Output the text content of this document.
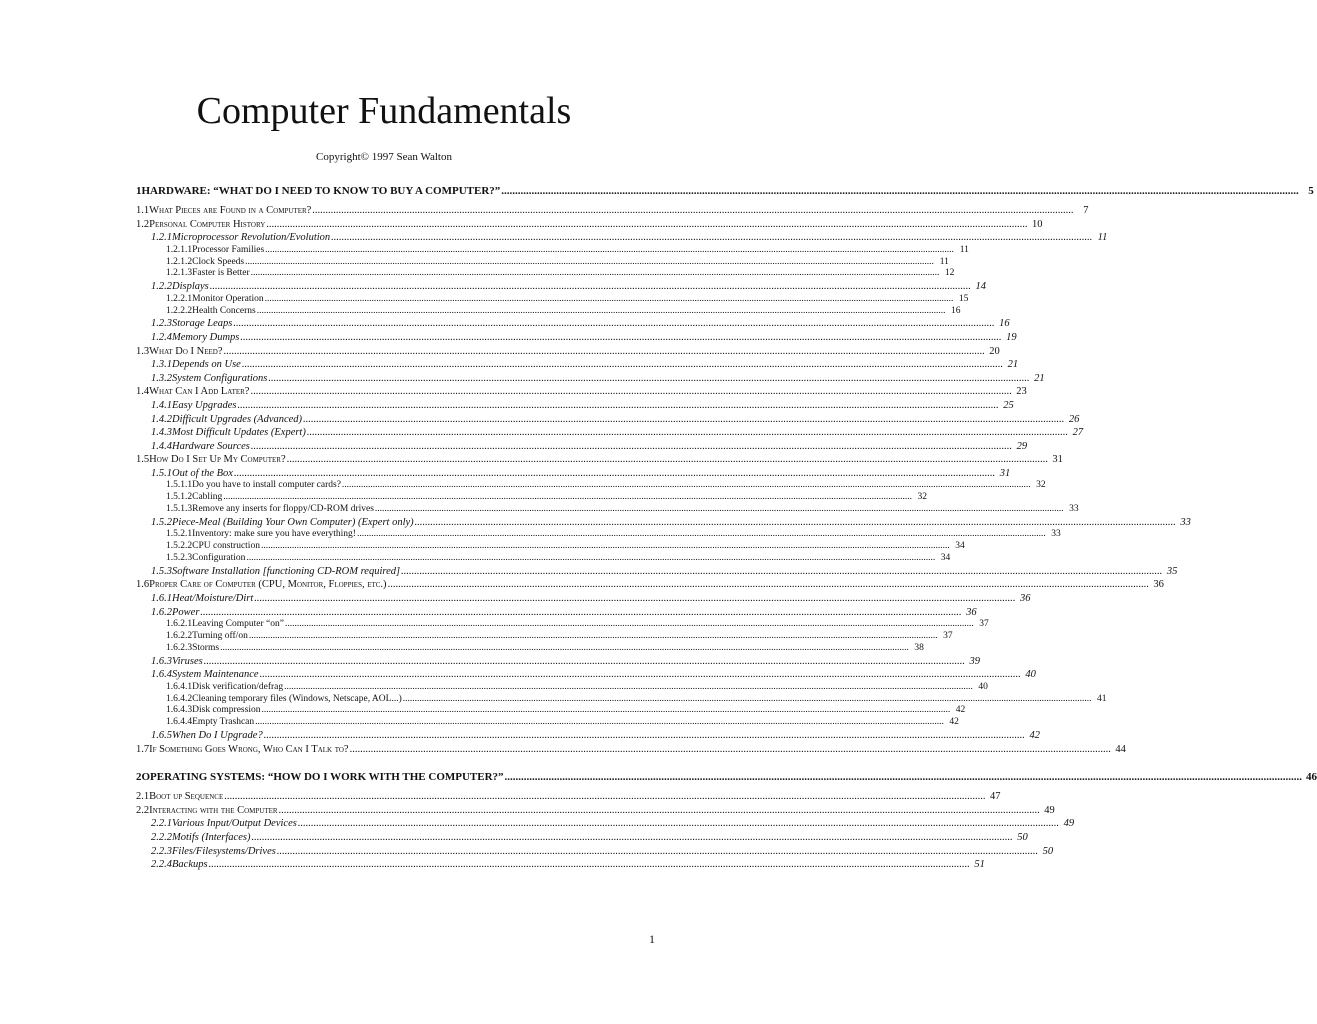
Computer Fundamentals
Copyright© 1997 Sean Walton
1HARDWARE: “WHAT DO I NEED TO KNOW TO BUY A COMPUTER?” .....	5
1.1What Pieces are Found in a Computer? .....	7
1.2Personal Computer History .....	10
1.2.1Microprocessor Revolution/Evolution .....	11
1.2.1.1Processor Families .....	11
1.2.1.2Clock Speeds .....	11
1.2.1.3Faster is Better .....	12
1.2.2Displays .....	14
1.2.2.1Monitor Operation .....	15
1.2.2.2Health Concerns .....	16
1.2.3Storage Leaps .....	16
1.2.4Memory Dumps .....	19
1.3What Do I Need? .....	20
1.3.1Depends on Use .....	21
1.3.2System Configurations .....	21
1.4What Can I Add Later? .....	23
1.4.1Easy Upgrades .....	25
1.4.2Difficult Upgrades (Advanced) .....	26
1.4.3Most Difficult Updates (Expert) .....	27
1.4.4Hardware Sources .....	29
1.5How Do I Set Up My Computer? .....	31
1.5.1Out of the Box .....	31
1.5.1.1Do you have to install computer cards? .....	32
1.5.1.2Cabling .....	32
1.5.1.3Remove any inserts for floppy/CD-ROM drives .....	33
1.5.2Piece-Meal (Building Your Own Computer) (Expert only) .....	33
1.5.2.1Inventory: make sure you have everything! .....	33
1.5.2.2CPU construction .....	34
1.5.2.3Configuration .....	34
1.5.3Software Installation [functioning CD-ROM required] .....	35
1.6Proper Care of Computer (CPU, Monitor, Floppies, etc.) .....	36
1.6.1Heat/Moisture/Dirt .....	36
1.6.2Power .....	36
1.6.2.1Leaving Computer “on” .....	37
1.6.2.2Turning off/on .....	37
1.6.2.3Storms .....	38
1.6.3Viruses .....	39
1.6.4System Maintenance .....	40
1.6.4.1Disk verification/defrag .....	40
1.6.4.2Cleaning temporary files (Windows, Netscape, AOL...) .....	41
1.6.4.3Disk compression .....	42
1.6.4.4Empty Trashcan .....	42
1.6.5When Do I Upgrade? .....	42
1.7If Something Goes Wrong, Who Can I Talk to? .....	44
2OPERATING SYSTEMS: “HOW DO I WORK WITH THE COMPUTER?” .....	46
2.1Boot up Sequence .....	47
2.2Interacting with the Computer .....	49
2.2.1Various Input/Output Devices .....	49
2.2.2Motifs (Interfaces) .....	50
2.2.3Files/Filesystems/Drives .....	50
2.2.4Backups .....	51
1
